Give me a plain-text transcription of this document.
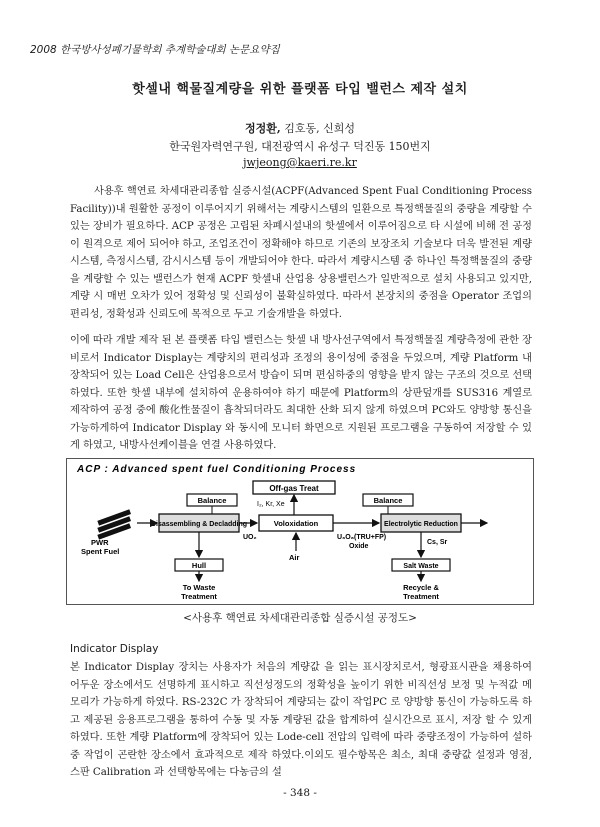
2008 한국방사성폐기물학회 추계학술대회 논문요약집
핫셀내 핵물질계량을 위한 플랫폼 타입 밸런스 제작 설치
정정환, 김호동, 신희성
한국원자력연구원, 대전광역시 유성구 덕진동 150번지
jwjeong@kaeri.re.kr
사용후 핵연료 차세대관리종합 실증시설(ACPF(Advanced Spent Fual Conditioning Process Facility))내 원활한 공정이 이루어지기 위해서는 계량시스템의 일환으로 특정핵물질의 중량을 계량할 수 있는 장비가 필요하다. ACP 공정은 고립된 차폐시설내의 핫셀에서 이루어짐으로 타 시설에 비해 전 공정이 원격으로 제어 되어야 하고, 조업조건이 정확해야 하므로 기존의 보장조치 기술보다 더욱 발전된 계량시스템, 측정시스템, 감시시스템 등이 개발되어야 한다. 따라서 계량시스템 중 하나인 특정핵물질의 중량을 계량할 수 있는 밸런스가 현재 ACPF 핫셀내 산업용 상용밸런스가 일반적으로 설치 사용되고 있지만, 계량 시 매번 오차가 있어 정확성 및 신뢰성이 불확실하였다. 따라서 본장치의 중점을 Operator 조업의 편리성, 정확성과 신뢰도에 목적으로 두고 기술개발을 하였다.
이에 따라 개발 제작 된 본 플랫폼 타입 밸런스는 핫셀 내 방사선구역에서 특정핵물질 계량측정에 관한 장비로서 Indicator Display는 계량치의 편리성과 조정의 용이성에 중점을 두었으며, 계량 Platform 내 장착되어 있는 Load Cell은 산업용으로서 방습이 되며 편심하중의 영향을 받지 않는 구조의 것으로 선택하였다. 또한 핫셀 내부에 설치하여 운용하여야 하기 때문에 Platform의 상판덮개를 SUS316 계열로 제작하여 공정 중에 酸化性물질이 흡착되더라도 최대한 산화 되지 않게 하였으며 PC와도 양방향 통신을 가능하게하여 Indicator Display 와 동시에 모니터 화면으로 지원된 프로그램을 구동하여 저장할 수 있게 하였고, 내방사선케이블을 연결 사용하였다.
ACP : Advanced spent fuel Conditioning Process
Off-gas Treat
Balance	Balance
I₂, Kr, Xe
Disassembling & Decladding	Voloxidation	Electrolytic Reduction
PWR
Spent Fuel
UO₂	U₃O₈(TRU+FP)
Oxide
Air
Cs, Sr
Hull	Salt Waste
To Waste
Treatment
Recycle &
Treatment
<사용후 핵연료 차세대관리종합 실증시설 공정도>
Indicator Display
본 Indicator Display 장치는 사용자가 처음의 계량값 을 읽는 표시장치로서, 형광표시관을 채용하여 어두운 장소에서도 선명하게 표시하고 직선성정도의 정확성을 높이기 위한 비직선성 보정 및 누적값 메모리가 가능하게 하였다. RS-232C 가 장착되어 계량되는 값이 작업PC 로 양방향 통신이 가능하도록 하고 제공된 응용프로그램을 통하여 수동 및 자동 계량된 값을 합계하여 실시간으로 표시, 저장 할 수 있게 하였다. 또한 계량 Platform에 장착되어 있는 Lode-cell 전압의 입력에 따라 중량조정이 가능하여 설하중 작업이 곤란한 장소에서 효과적으로 제작 하였다.이외도 필수항목은 최소, 최대 중량값 설정과 영점, 스판 Calibration 과 선택항목에는 다농금의 설
- 348 -
